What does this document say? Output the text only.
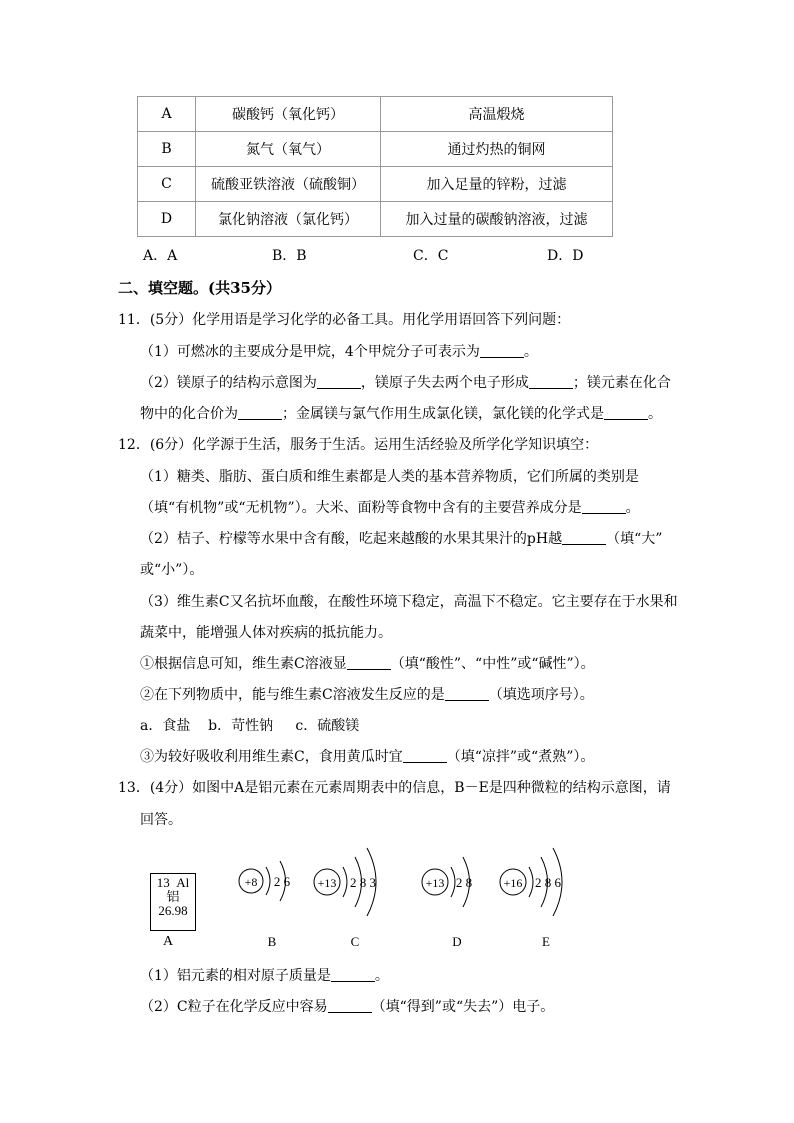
A	碳酸钙（氧化钙）	高温煅烧
B	氮气（氧气）	通过灼热的铜网
C	硫酸亚铁溶液（硫酸铜）	加入足量的锌粉，过滤
D	氯化钠溶液（氯化钙）	加入过量的碳酸钠溶液，过滤
A．A	B．B	C．C	D．D
二、填空题。(共35分）
11．(5分）化学用语是学习化学的必备工具。用化学用语回答下列问题：
（1）可燃冰的主要成分是甲烷，4个甲烷分子可表示为	。
（2）镁原子的结构示意图为	，镁原子失去两个电子形成	；镁元素在化合
物中的化合价为	；金属镁与氯气作用生成氯化镁，氯化镁的化学式是	。
12．(6分）化学源于生活，服务于生活。运用生活经验及所学化学知识填空：
（1）糖类、脂肪、蛋白质和维生素都是人类的基本营养物质，它们所属的类别是
（填“有机物”或“无机物”）。大米、面粉等食物中含有的主要营养成分是	。
（2）桔子、柠檬等水果中含有酸，吃起来越酸的水果其果汁的pH越	（填“大”
或“小”）。
（3）维生素C又名抗坏血酸，在酸性环境下稳定，高温下不稳定。它主要存在于水果和
蔬菜中，能增强人体对疾病的抵抗能力。
①根据信息可知，维生素C溶液显	（填“酸性”、“中性”或“碱性”）。
②在下列物质中，能与维生素C溶液发生反应的是	（填选项序号）。
a．食盐    b．苛性钠     c．硫酸镁
③为较好吸收利用维生素C，食用黄瓜时宜	（填“凉拌”或“煮熟”）。
13．(4分）如图中A是铝元素在元素周期表中的信息，B－E是四种微粒的结构示意图，请
回答。
13 Al
铝
26.98
A
+8 2 6
B
+13 2 8 3
C
+13 2 8
D
+16 2 8 6
E
（1）铝元素的相对原子质量是	。
（2）C粒子在化学反应中容易	（填“得到”或“失去”）电子。
